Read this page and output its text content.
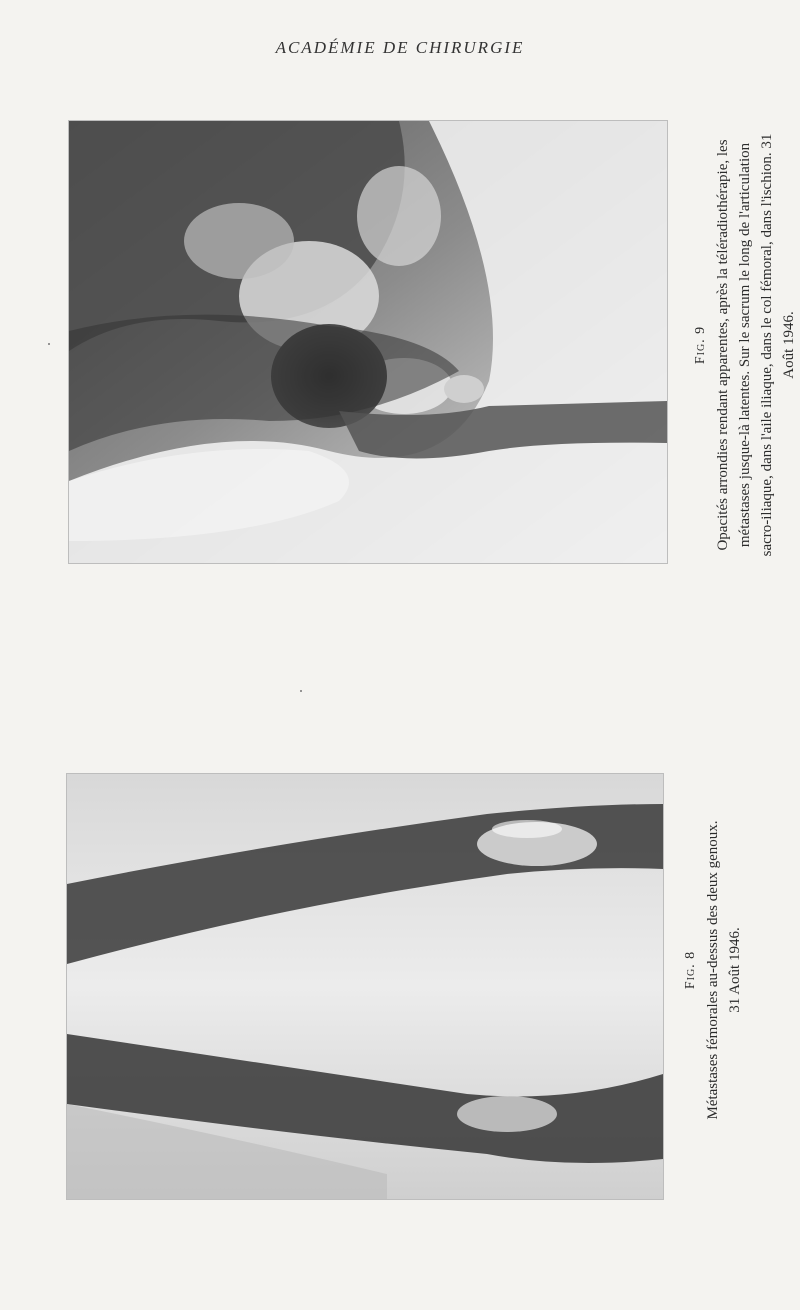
ACADÉMIE DE CHIRURGIE

Fig. 9 Opacités arrondies rendant apparentes, après la téléradiothérapie, les métastases jusque-là latentes. Sur le sacrum le long de l'articulation sacro-iliaque, dans l'aile iliaque, dans le col fémoral, dans l'ischion. 31 Août 1946.

Fig. 8 Métastases fémorales au-dessus des deux genoux. 31 Août 1946.
